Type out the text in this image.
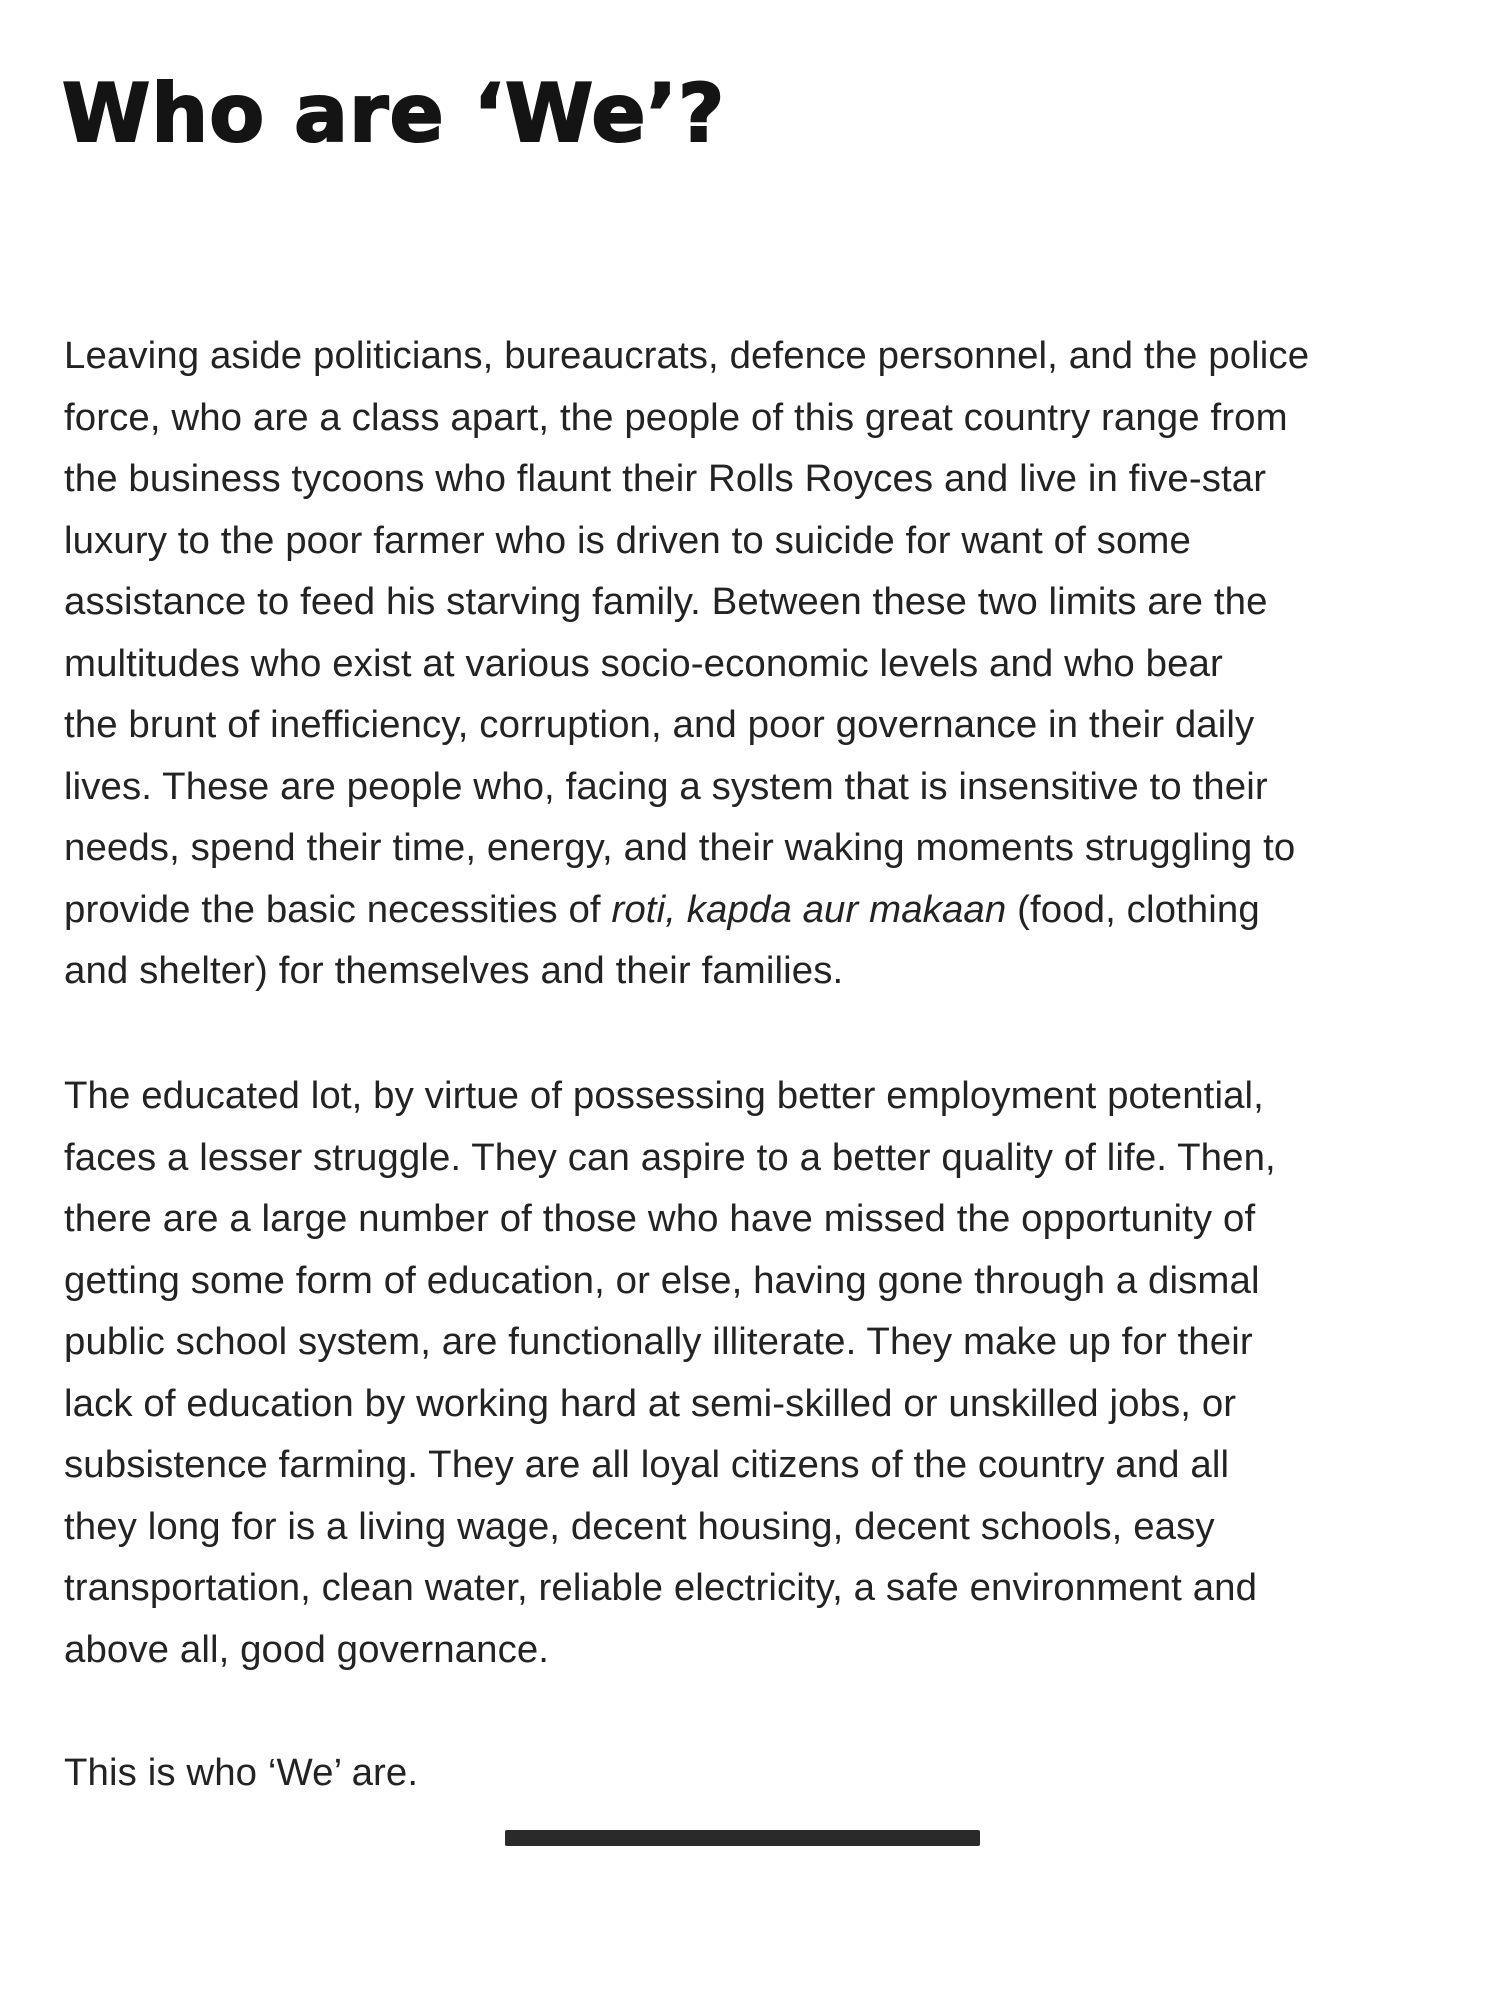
Who are ‘We’?
Leaving aside politicians, bureaucrats, defence personnel, and the police
force, who are a class apart, the people of this great country range from
the business tycoons who flaunt their Rolls Royces and live in five-star
luxury to the poor farmer who is driven to suicide for want of some
assistance to feed his starving family. Between these two limits are the
multitudes who exist at various socio-economic levels and who bear
the brunt of inefficiency, corruption, and poor governance in their daily
lives. These are people who, facing a system that is insensitive to their
needs, spend their time, energy, and their waking moments struggling to
provide the basic necessities of roti, kapda aur makaan (food, clothing
and shelter) for themselves and their families.
The educated lot, by virtue of possessing better employment potential,
faces a lesser struggle. They can aspire to a better quality of life. Then,
there are a large number of those who have missed the opportunity of
getting some form of education, or else, having gone through a dismal
public school system, are functionally illiterate. They make up for their
lack of education by working hard at semi-skilled or unskilled jobs, or
subsistence farming. They are all loyal citizens of the country and all
they long for is a living wage, decent housing, decent schools, easy
transportation, clean water, reliable electricity, a safe environment and
above all, good governance.
This is who ‘We’ are.
